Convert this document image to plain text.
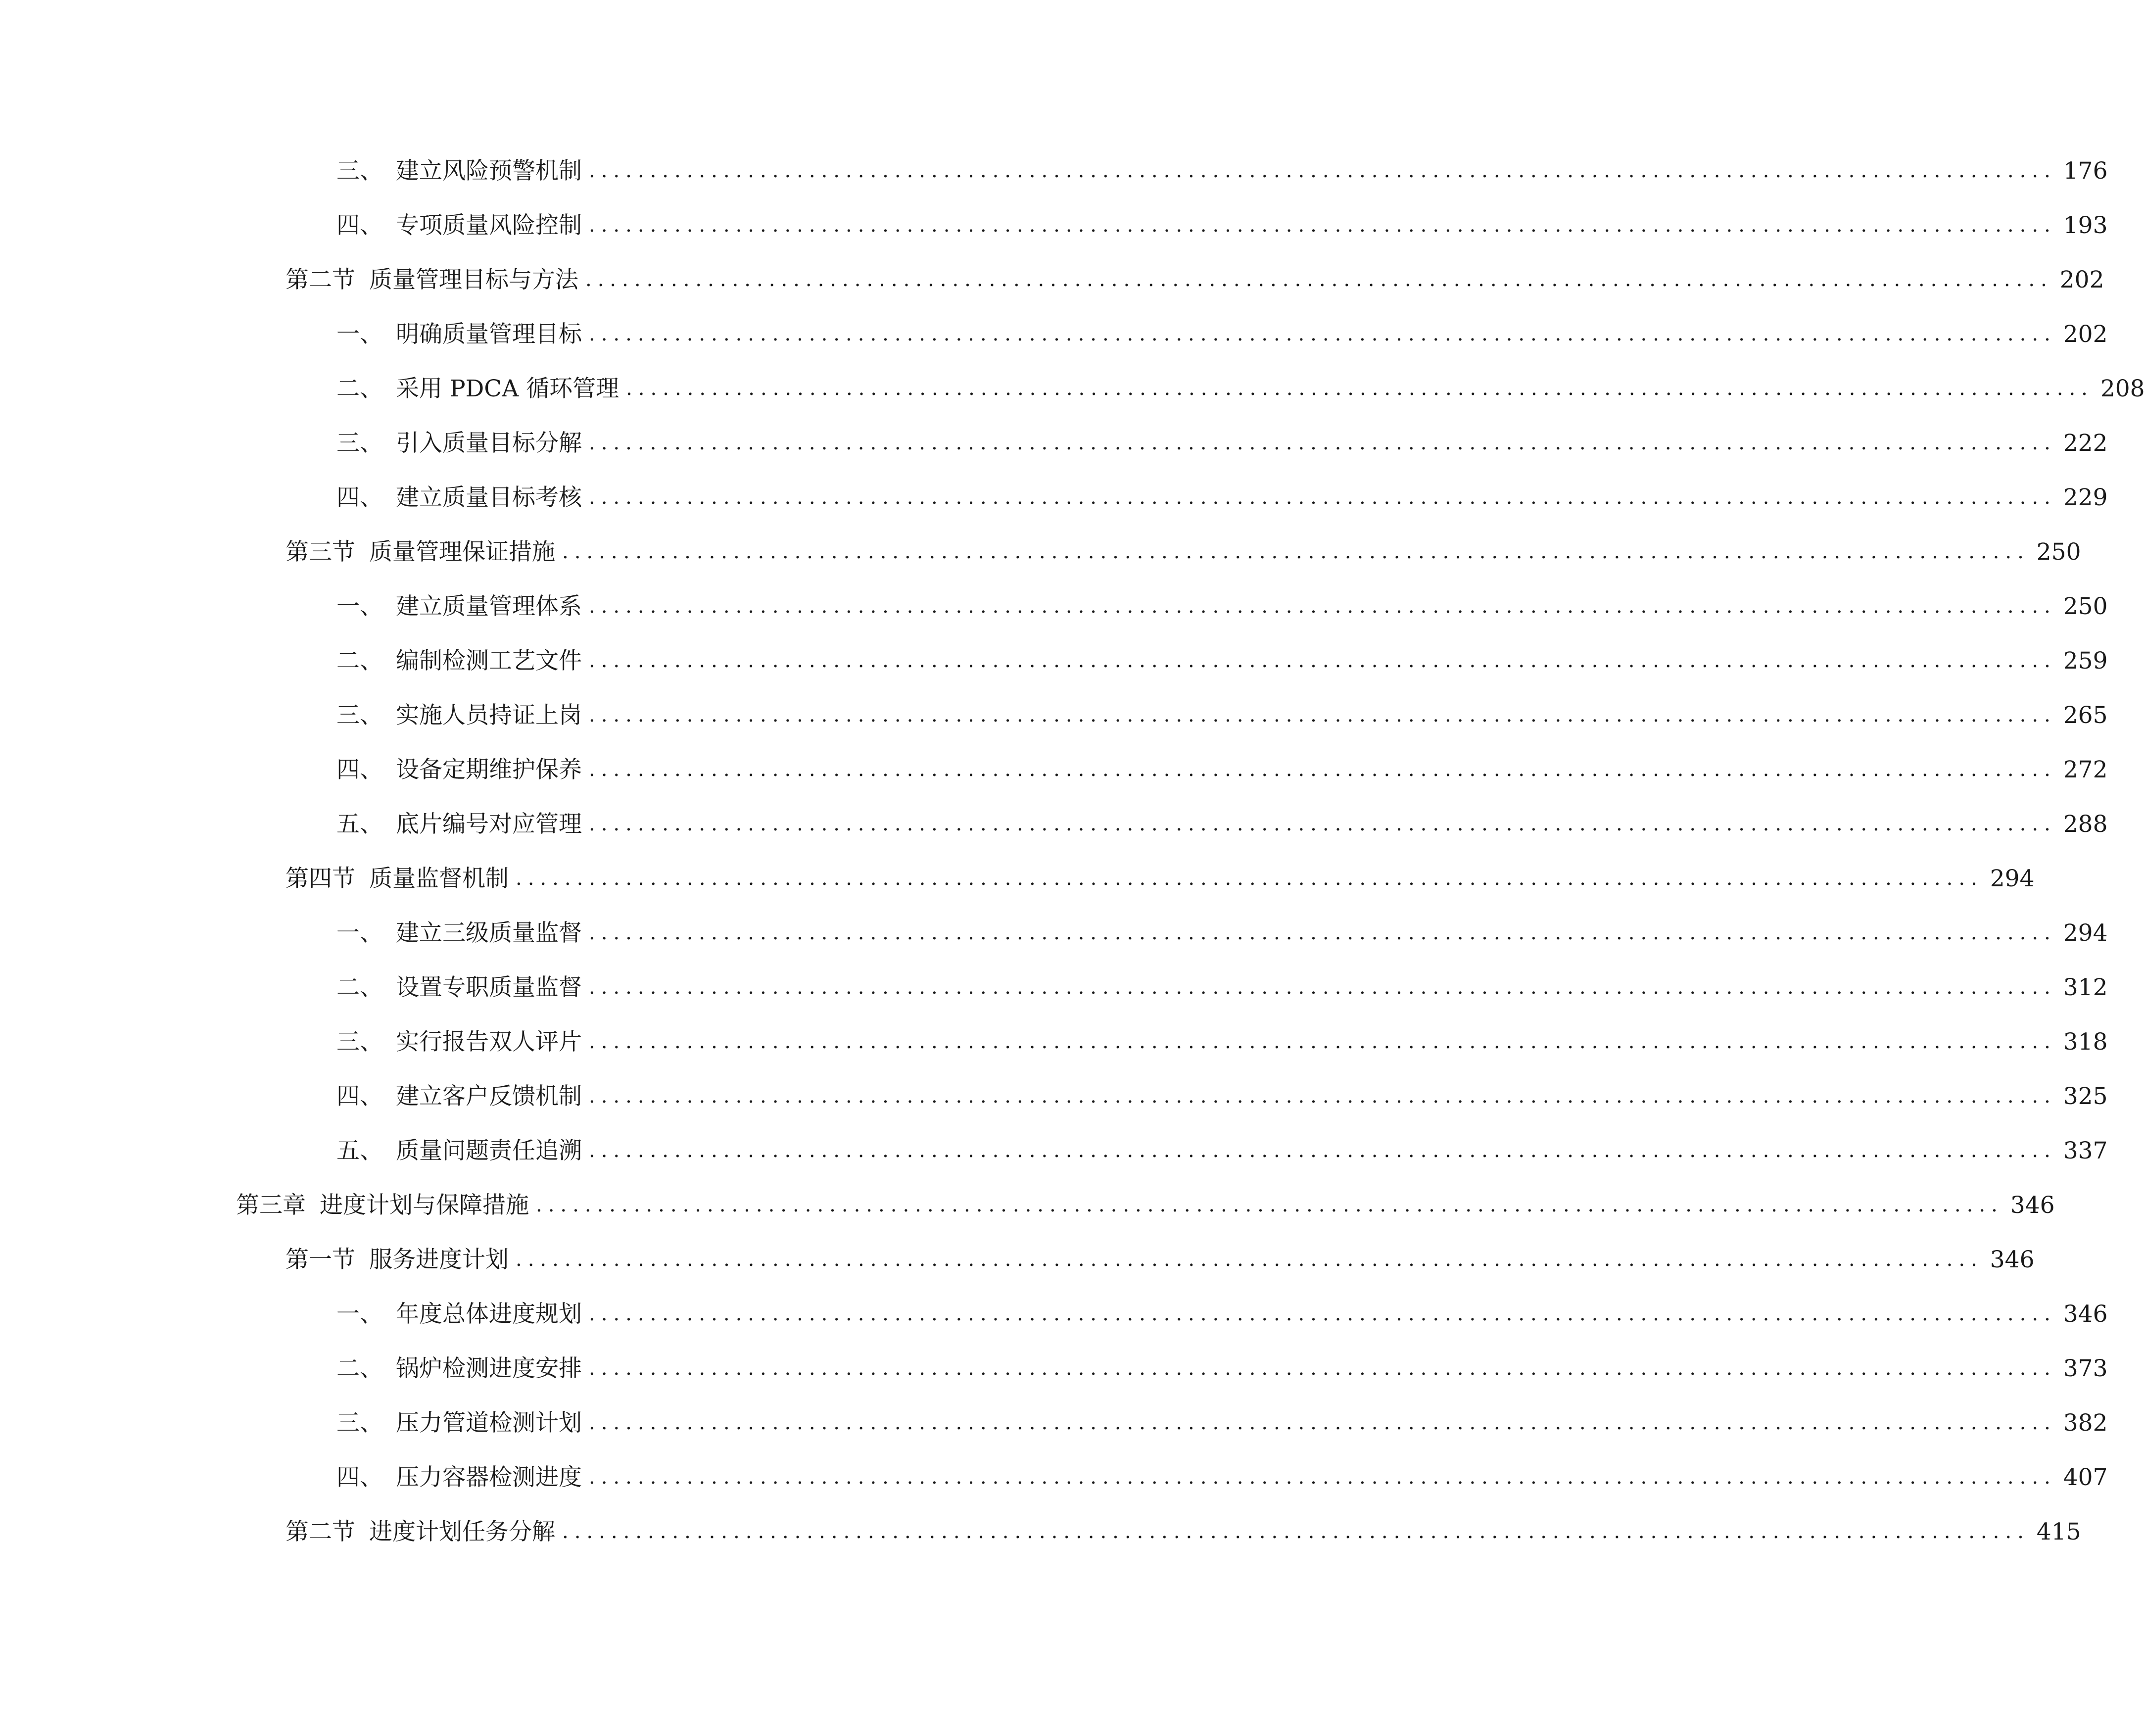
三、 建立风险预警机制 ........................................................................................................................ 176
四、 专项质量风险控制 ........................................................................................................................ 193
第二节 质量管理目标与方法 ........................................................................................................................ 202
一、 明确质量管理目标 ........................................................................................................................ 202
二、 采用 PDCA 循环管理 ........................................................................................................................ 208
三、 引入质量目标分解 ........................................................................................................................ 222
四、 建立质量目标考核 ........................................................................................................................ 229
第三节 质量管理保证措施 ........................................................................................................................ 250
一、 建立质量管理体系 ........................................................................................................................ 250
二、 编制检测工艺文件 ........................................................................................................................ 259
三、 实施人员持证上岗 ........................................................................................................................ 265
四、 设备定期维护保养 ........................................................................................................................ 272
五、 底片编号对应管理 ........................................................................................................................ 288
第四节 质量监督机制 ........................................................................................................................ 294
一、 建立三级质量监督 ........................................................................................................................ 294
二、 设置专职质量监督 ........................................................................................................................ 312
三、 实行报告双人评片 ........................................................................................................................ 318
四、 建立客户反馈机制 ........................................................................................................................ 325
五、 质量问题责任追溯 ........................................................................................................................ 337
第三章 进度计划与保障措施 ........................................................................................................................ 346
第一节 服务进度计划 ........................................................................................................................ 346
一、 年度总体进度规划 ........................................................................................................................ 346
二、 锅炉检测进度安排 ........................................................................................................................ 373
三、 压力管道检测计划 ........................................................................................................................ 382
四、 压力容器检测进度 ........................................................................................................................ 407
第二节 进度计划任务分解 ........................................................................................................................ 415
